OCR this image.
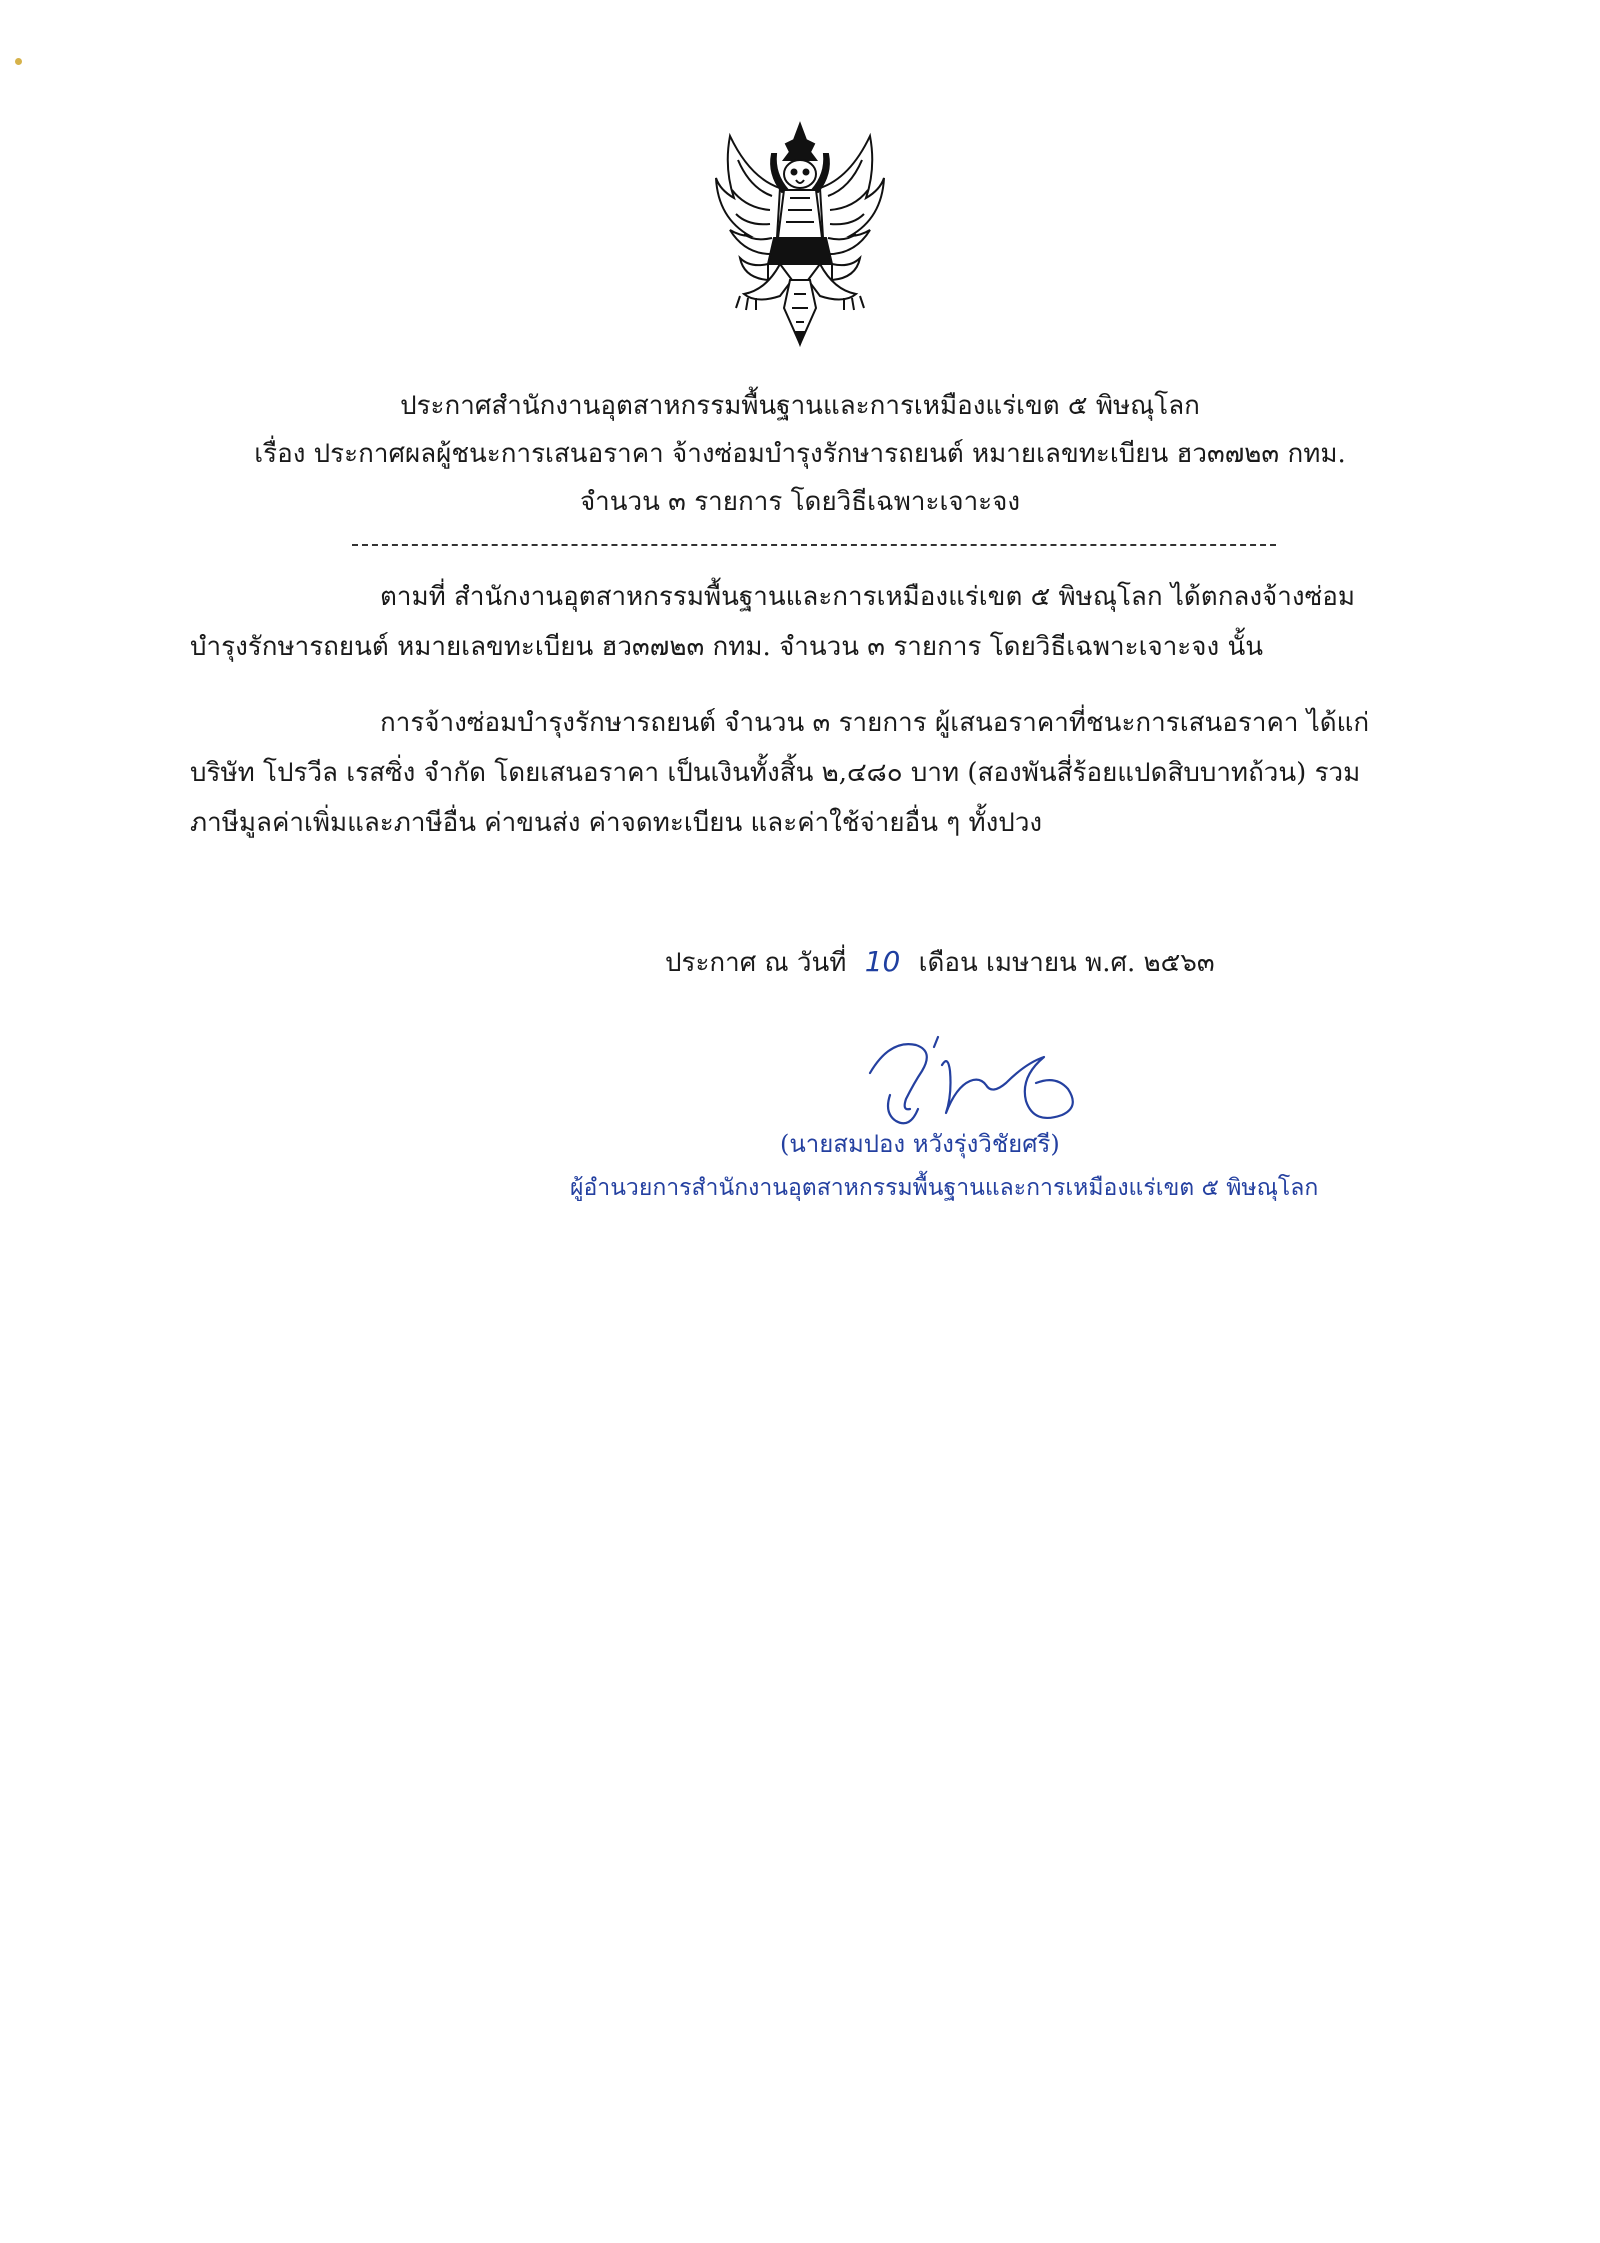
ประกาศสำนักงานอุตสาหกรรมพื้นฐานและการเหมืองแร่เขต ๕ พิษณุโลก
เรื่อง ประกาศผลผู้ชนะการเสนอราคา จ้างซ่อมบำรุงรักษารถยนต์ หมายเลขทะเบียน ฮว๓๗๒๓ กทม.
จำนวน ๓ รายการ โดยวิธีเฉพาะเจาะจง
ตามที่ สำนักงานอุตสาหกรรมพื้นฐานและการเหมืองแร่เขต ๕ พิษณุโลก ได้ตกลงจ้างซ่อม
บำรุงรักษารถยนต์ หมายเลขทะเบียน ฮว๓๗๒๓ กทม. จำนวน ๓ รายการ โดยวิธีเฉพาะเจาะจง นั้น
การจ้างซ่อมบำรุงรักษารถยนต์ จำนวน ๓ รายการ ผู้เสนอราคาที่ชนะการเสนอราคา ได้แก่
บริษัท โปรวีล เรสซิ่ง จำกัด โดยเสนอราคา เป็นเงินทั้งสิ้น ๒,๔๘๐ บาท (สองพันสี่ร้อยแปดสิบบาทถ้วน) รวม
ภาษีมูลค่าเพิ่มและภาษีอื่น ค่าขนส่ง ค่าจดทะเบียน และค่าใช้จ่ายอื่น ๆ ทั้งปวง
ประกาศ ณ วันที่ 10 เดือน เมษายน พ.ศ. ๒๕๖๓
(นายสมปอง หวังรุ่งวิชัยศรี)
ผู้อำนวยการสำนักงานอุตสาหกรรมพื้นฐานและการเหมืองแร่เขต ๕ พิษณุโลก
